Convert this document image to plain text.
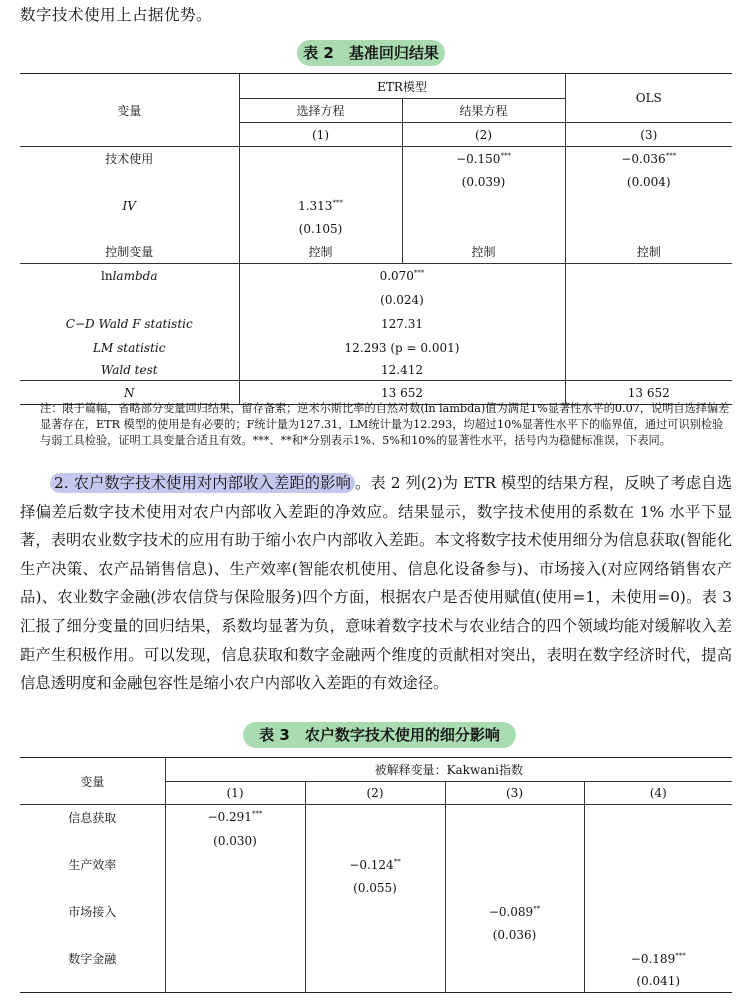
数字技术使用上占据优势。
表 2　基准回归结果
变量	ETR模型		OLS
	选择方程	结果方程	
	(1)	(2)	(3)
技术使用		−0.150***	−0.036***
		(0.039)	(0.004)
IV	1.313***		
	(0.105)		
控制变量	控制	控制	控制
lnlambda	0.070***	
	(0.024)		
C−D Wald F statistic	127.31		
LM statistic	12.293 (p = 0.001)		
Wald test	12.412		
N	13 652		13 652
注：限于篇幅，省略部分变量回归结果，留存备索；逆米尔斯比率的自然对数(ln lambda)值为满足1%显著性水平的0.07，说明自选择偏差显著存在，ETR 模型的使用是有必要的；F统计量为127.31，LM统计量为12.293，均超过10%显著性水平下的临界值，通过可识别检验与弱工具检验，证明工具变量合适且有效。***、**和*分别表示1%、5%和10%的显著性水平，括号内为稳健标准误，下表同。
2. 农户数字技术使用对内部收入差距的影响 。表 2 列(2)为 ETR 模型的结果方程，反映了考虑自选择偏差后数字技术使用对农户内部收入差距的净效应。结果显示，数字技术使用的系数在 1% 水平下显著，表明农业数字技术的应用有助于缩小农户内部收入差距。本文将数字技术使用细分为信息获取(智能化生产决策、农产品销售信息)、生产效率(智能农机使用、信息化设备参与)、市场接入(对应网络销售农产品)、农业数字金融(涉农信贷与保险服务)四个方面，根据农户是否使用赋值(使用=1，未使用=0)。表 3 汇报了细分变量的回归结果，系数均显著为负，意味着数字技术与农业结合的四个领域均能对缓解收入差距产生积极作用。可以发现，信息获取和数字金融两个维度的贡献相对突出，表明在数字经济时代，提高信息透明度和金融包容性是缩小农户内部收入差距的有效途径。
表 3　农户数字技术使用的细分影响
变量	被解释变量：Kakwani指数			
	(1)	(2)	(3)	(4)
信息获取	−0.291***			
	(0.030)			
生产效率		−0.124**		
		(0.055)		
市场接入			−0.089**	
			(0.036)	
数字金融				−0.189***
				(0.041)
